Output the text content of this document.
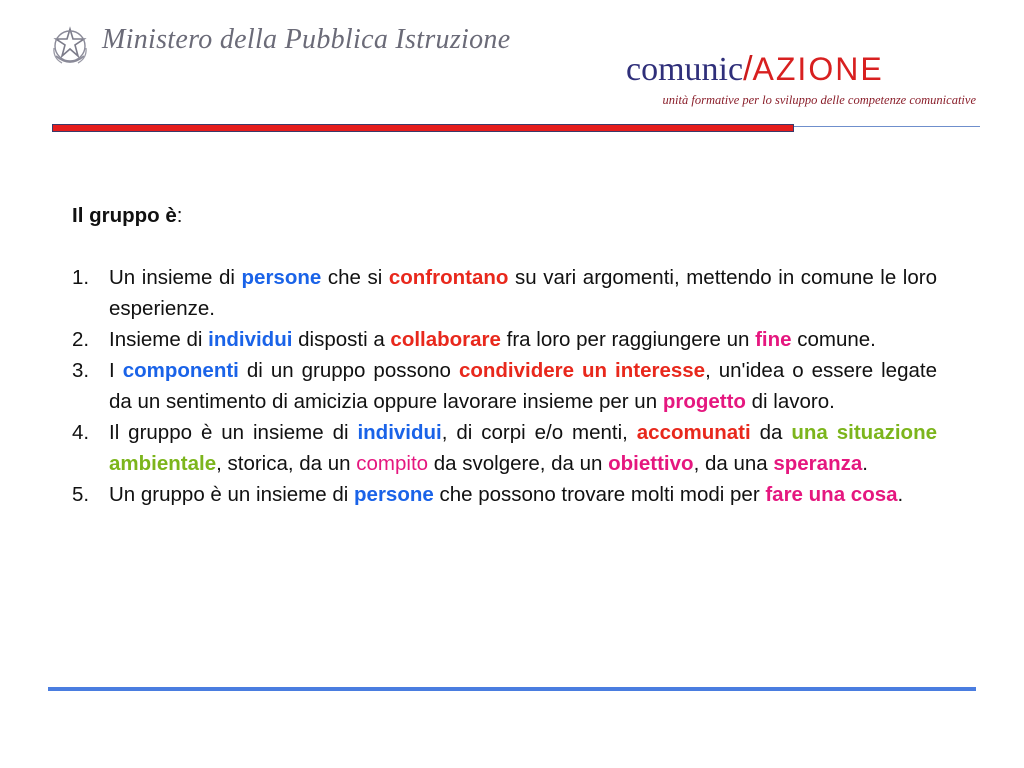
Ministero della Pubblica Istruzione
comunic/AZIONE
unità formative per lo sviluppo delle competenze comunicative

Il gruppo è:

1. Un insieme di persone che si confrontano su vari argomenti, mettendo in comune le loro esperienze.
2. Insieme di individui disposti a collaborare fra loro per raggiungere un fine comune.
3. I componenti di un gruppo possono condividere un interesse, un'idea o essere legate da un sentimento di amicizia oppure lavorare insieme per un progetto di lavoro.
4. Il gruppo è un insieme di individui, di corpi e/o menti, accomunati da una situazione ambientale, storica, da un compito da svolgere, da un obiettivo, da una speranza.
5. Un gruppo è un insieme di persone che possono trovare molti modi per fare una cosa.
